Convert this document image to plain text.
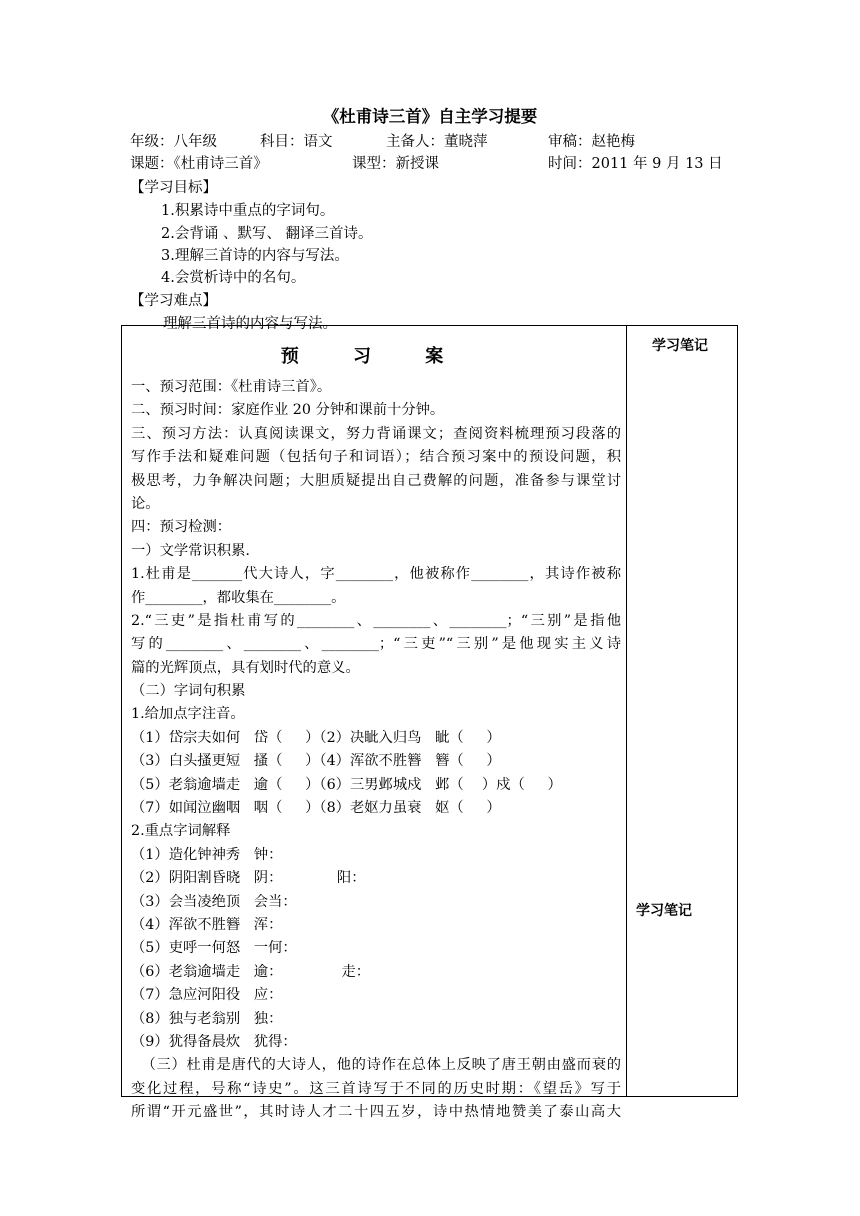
《杜甫诗三首》自主学习提要
年级：八年级	科目：语文	主备人：董晓萍	审稿：赵艳梅
课题：《杜甫诗三首》	课型：新授课	时间：2011 年 9 月 13 日
【学习目标】
1.积累诗中重点的字词句。
2.会背诵 、默写、 翻译三首诗。
3.理解三首诗的内容与写法。
4.会赏析诗中的名句。
【学习难点】
理解三首诗的内容与写法。
学习笔记
学习笔记
预 习 案
一、预习范围：《杜甫诗三首》。
二、预习时间：家庭作业 20 分钟和课前十分钟。
三、预习方法：认真阅读课文，努力背诵课文；查阅资料梳理预习段落的
写作手法和疑难问题（包括句子和词语）；结合预习案中的预设问题，积
极思考，力争解决问题；大胆质疑提出自己费解的问题，准备参与课堂讨
论。
四：预习检测：
一）文学常识积累.
1.杜甫是_______代大诗人，字________，他被称作________，其诗作被称
作________，都收集在________。
2.“三吏”是指杜甫写的________、________、________；“三别”是指他
写的________、________、________；“三吏”“三别”是他现实主义诗
篇的光辉顶点，具有划时代的意义。
（二）字词句积累
1.给加点字注音。
（1）岱宗夫如何   岱（     ）（2）决眦入归鸟   眦（     ）
（3）白头搔更短   搔（     ）（4）浑欲不胜簪   簪（     ）
（5）老翁逾墙走   逾（     ）（6）三男邺城戍   邺（    ）戍（     ）
（7）如闻泣幽咽   咽（     ）（8）老妪力虽衰   妪（     ）
2.重点字词解释
（1）造化钟神秀   钟：
（2）阴阳割昏晓   阴：            阳：
（3）会当凌绝顶   会当：
（4）浑欲不胜簪   浑：
（5）吏呼一何怒   一何：
（6）老翁逾墙走   逾：             走：
（7）急应河阳役   应：
（8）独与老翁别   独：
（9）犹得备晨炊   犹得：
（三）杜甫是唐代的大诗人，他的诗作在总体上反映了唐王朝由盛而衰的
变化过程，号称“诗史”。这三首诗写于不同的历史时期：《望岳》写于
所谓“开元盛世”，其时诗人才二十四五岁，诗中热情地赞美了泰山高大
